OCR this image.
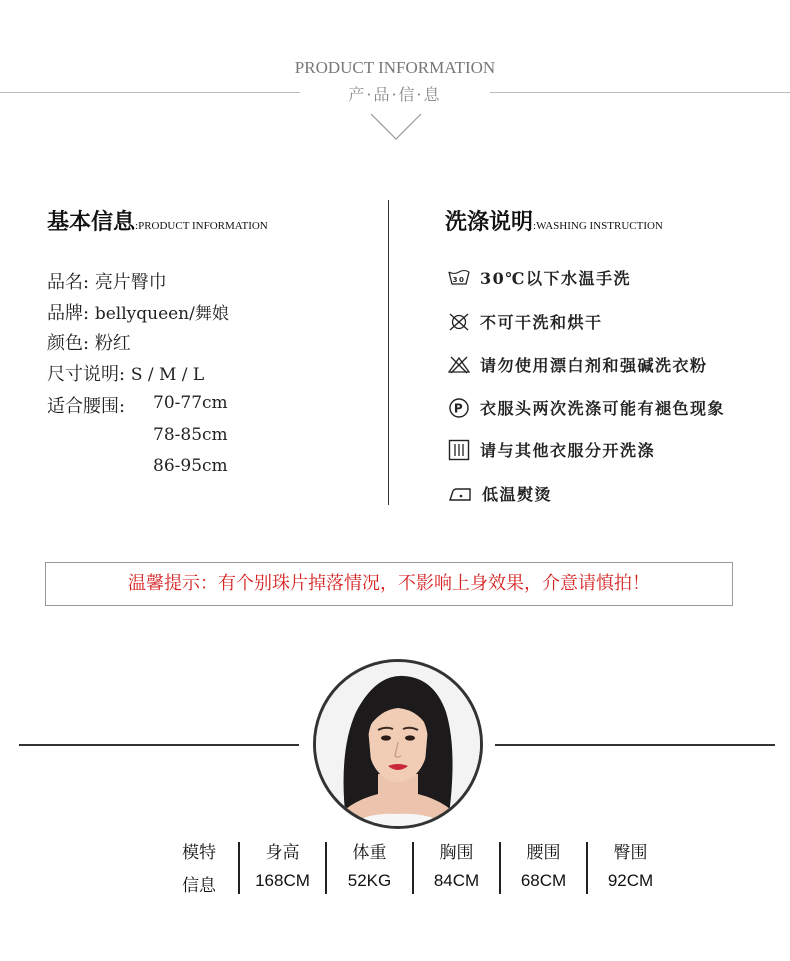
PRODUCT INFORMATION
产·品·信·息
基本信息:PRODUCT INFORMATION
品名: 亮片臀巾
品牌: bellyqueen/舞娘
颜色: 粉红
尺寸说明: S / M / L
适合腰围: 70-77cm
78-85cm
86-95cm
洗涤说明:WASHING INSTRUCTION
30 30℃以下水温手洗
不可干洗和烘干
请勿使用漂白剂和强碱洗衣粉
P 衣服头两次洗涤可能有褪色现象
请与其他衣服分开洗涤
低温熨烫
温馨提示：有个别珠片掉落情况，不影响上身效果，介意请慎拍！
模特
信息
身高
168CM
体重
52KG
胸围
84CM
腰围
68CM
臀围
92CM
